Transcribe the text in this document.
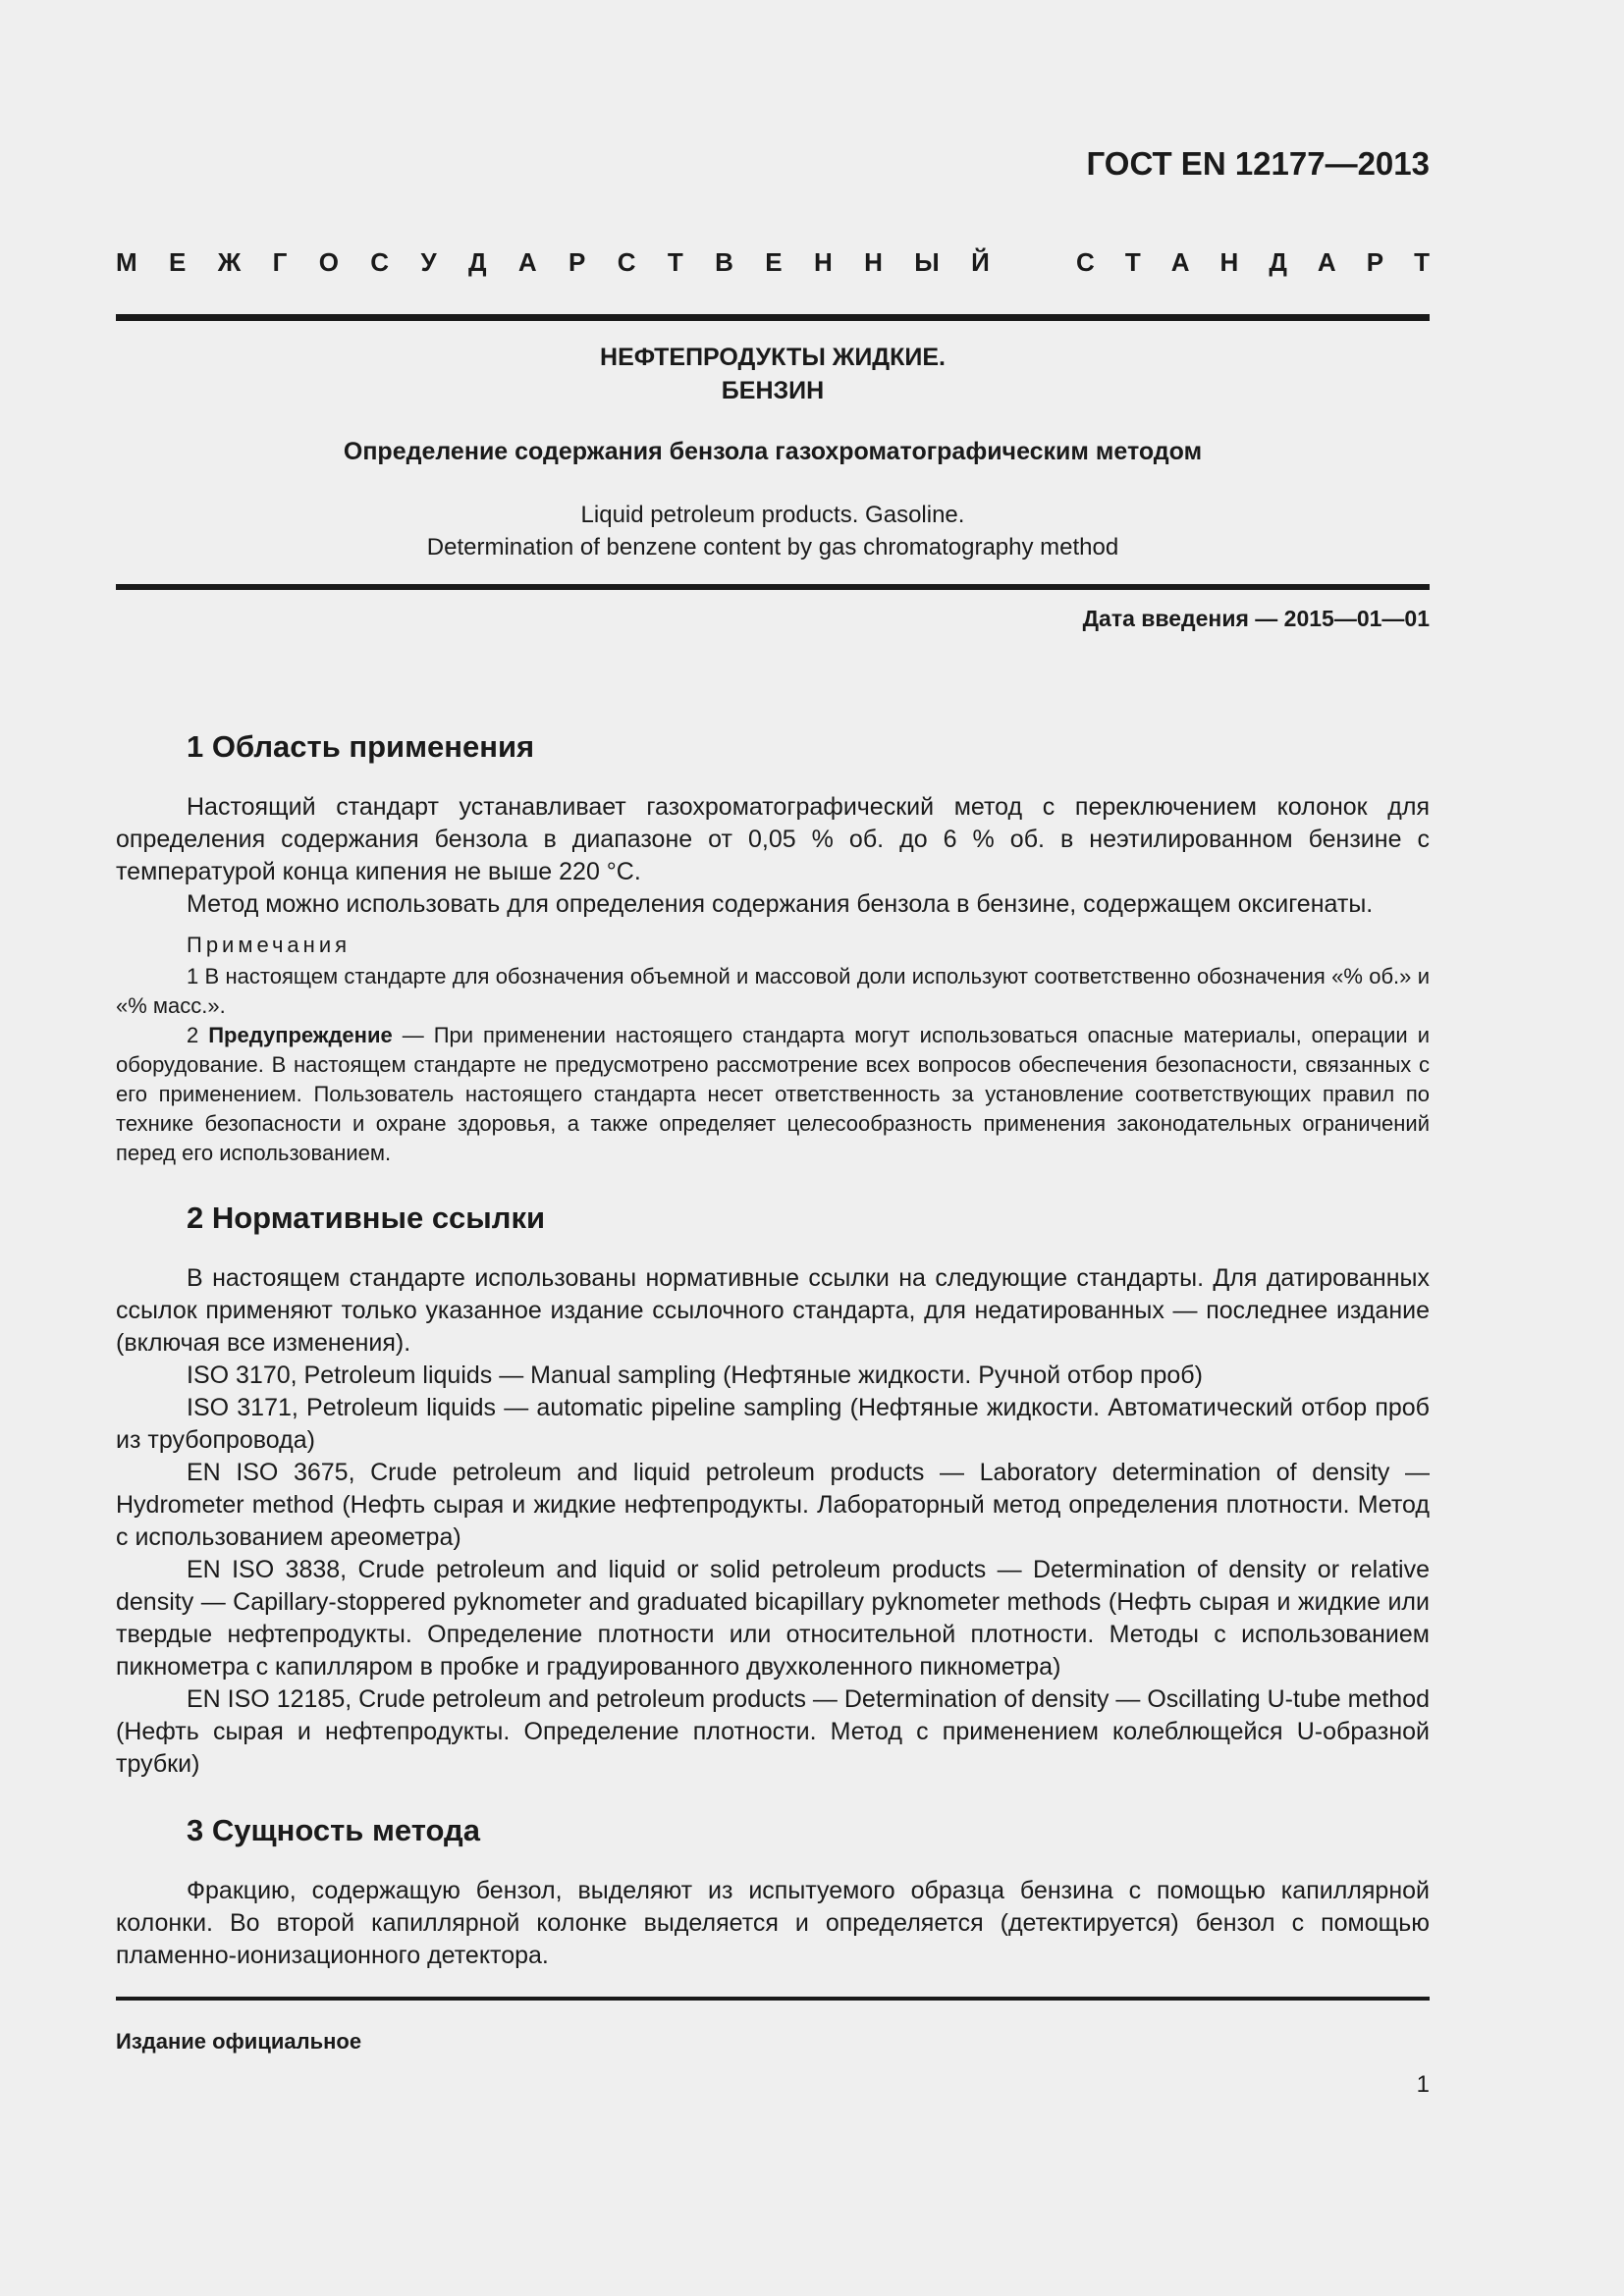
ГОСТ EN 12177—2013
М Е Ж Г О С У Д А Р С Т В Е Н Н Ы Й	С Т А Н Д А Р Т
НЕФТЕПРОДУКТЫ ЖИДКИЕ.
БЕНЗИН
Определение содержания бензола газохроматографическим методом
Liquid petroleum products. Gasoline.
Determination of benzene content by gas chromatography method
Дата введения — 2015—01—01
1 Область применения

Настоящий стандарт устанавливает газохроматографический метод с переключением колонок для определения содержания бензола в диапазоне от 0,05 % об. до 6 % об. в неэтилированном бензине с температурой конца кипения не выше 220 °С.

Метод можно использовать для определения содержания бензола в бензине, содержащем оксигенаты.

Примечания

1 В настоящем стандарте для обозначения объемной и массовой доли используют соответственно обозначения «% об.» и «% масс.».

2 Предупреждение — При применении настоящего стандарта могут использоваться опасные материалы, операции и оборудование. В настоящем стандарте не предусмотрено рассмотрение всех вопросов обеспечения безопасности, связанных с его применением. Пользователь настоящего стандарта несет ответственность за установление соответствующих правил по технике безопасности и охране здоровья, а также определяет целесообразность применения законодательных ограничений перед его использованием.

2 Нормативные ссылки

В настоящем стандарте использованы нормативные ссылки на следующие стандарты. Для датированных ссылок применяют только указанное издание ссылочного стандарта, для недатированных — последнее издание (включая все изменения).

ISO 3170, Petroleum liquids — Manual sampling (Нефтяные жидкости. Ручной отбор проб)

ISO 3171, Petroleum liquids — automatic pipeline sampling (Нефтяные жидкости. Автоматический отбор проб из трубопровода)

EN ISO 3675, Crude petroleum and liquid petroleum products — Laboratory determination of density — Hydrometer method (Нефть сырая и жидкие нефтепродукты. Лабораторный метод определения плотности. Метод с использованием ареометра)

EN ISO 3838, Crude petroleum and liquid or solid petroleum products — Determination of density or relative density — Capillary-stoppered pyknometer and graduated bicapillary pyknometer methods (Нефть сырая и жидкие или твердые нефтепродукты. Определение плотности или относительной плотности. Методы с использованием пикнометра с капилляром в пробке и градуированного двухколенного пикнометра)

EN ISO 12185, Crude petroleum and petroleum products — Determination of density — Oscillating U-tube method (Нефть сырая и нефтепродукты. Определение плотности. Метод с применением колеблющейся U-образной трубки)

3 Сущность метода

Фракцию, содержащую бензол, выделяют из испытуемого образца бензина с помощью капиллярной колонки. Во второй капиллярной колонке выделяется и определяется (детектируется) бензол с помощью пламенно-ионизационного детектора.

Издание официальное
1
